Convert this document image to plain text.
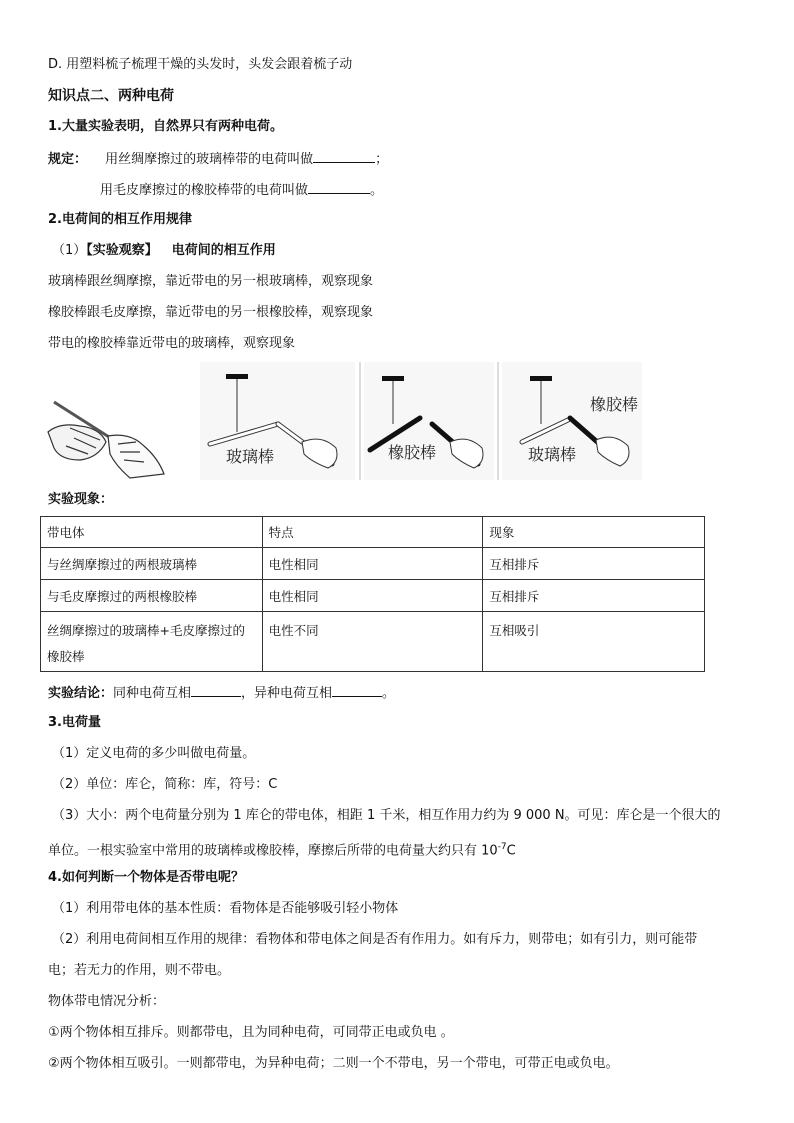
D. 用塑料梳子梳理干燥的头发时，头发会跟着梳子动
知识点二、两种电荷
1.大量实验表明，自然界只有两种电荷。
规定： 用丝绸摩擦过的玻璃棒带的电荷叫做	；
用毛皮摩擦过的橡胶棒带的电荷叫做	。
2.电荷间的相互作用规律
（1）【实验观察】 电荷间的相互作用
玻璃棒跟丝绸摩擦，靠近带电的另一根玻璃棒，观察现象
橡胶棒跟毛皮摩擦，靠近带电的另一根橡胶棒，观察现象
带电的橡胶棒靠近带电的玻璃棒，观察现象
玻璃棒	橡胶棒
橡胶棒
玻璃棒
实验现象：
带电体	特点	现象
与丝绸摩擦过的两根玻璃棒	电性相同	互相排斥
与毛皮摩擦过的两根橡胶棒	电性相同	互相排斥
丝绸摩擦过的玻璃棒+毛皮摩擦过的橡胶棒	电性不同	互相吸引
实验结论：同种电荷互相	，异种电荷互相	。
3.电荷量
（1）定义电荷的多少叫做电荷量。
（2）单位：库仑，简称：库，符号：C
（3）大小：两个电荷量分别为 1 库仑的带电体，相距 1 千米，相互作用力约为 9 000 N。可见：库仑是一个很大的
单位。一根实验室中常用的玻璃棒或橡胶棒，摩擦后所带的电荷量大约只有 $10^{-7}C$
4.如何判断一个物体是否带电呢？
（1）利用带电体的基本性质：看物体是否能够吸引轻小物体
（2）利用电荷间相互作用的规律：看物体和带电体之间是否有作用力。如有斥力，则带电；如有引力，则可能带
电；若无力的作用，则不带电。
物体带电情况分析：
①两个物体相互排斥。则都带电，且为同种电荷，可同带正电或负电 。
②两个物体相互吸引。一则都带电，为异种电荷；二则一个不带电，另一个带电，可带正电或负电。
